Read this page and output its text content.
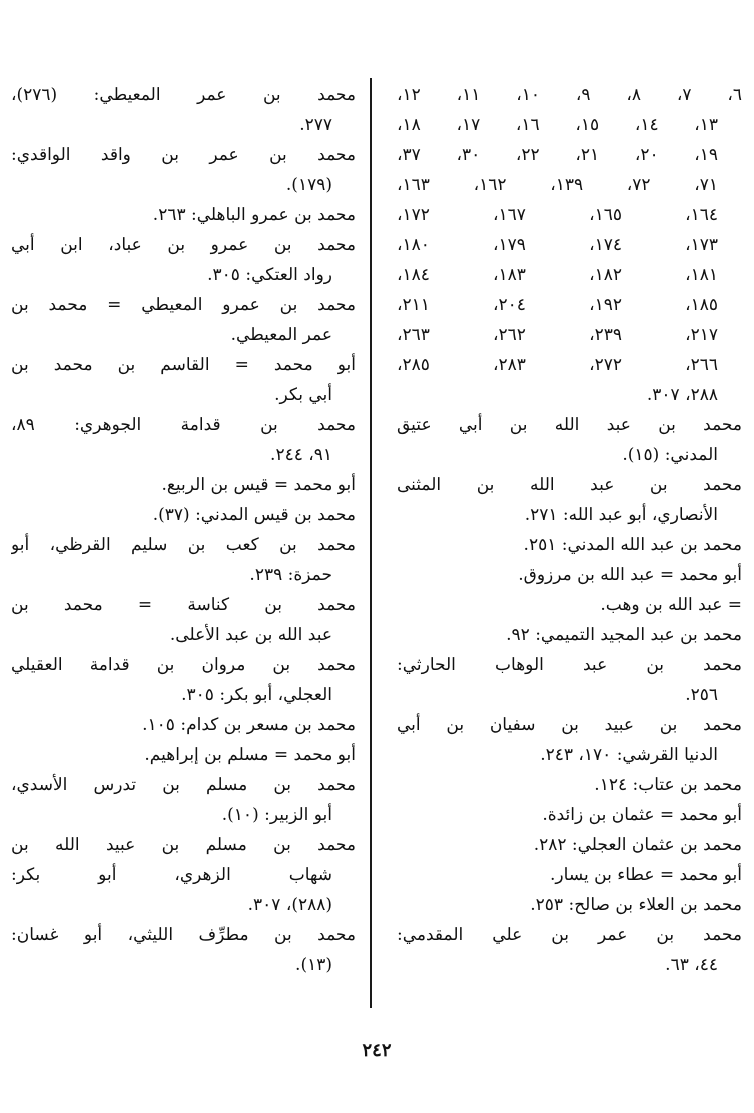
٦، ٧، ٨، ٩، ١٠، ١١، ١٢،
١٣، ١٤، ١٥، ١٦، ١٧، ١٨،
١٩، ٢٠، ٢١، ٢٢، ٣٠، ٣٧،
٧١، ٧٢، ١٣٩، ١٦٢، ١٦٣،
١٦٤، ١٦٥، ١٦٧، ١٧٢،
١٧٣، ١٧٤، ١٧٩، ١٨٠،
١٨١، ١٨٢، ١٨٣، ١٨٤،
١٨٥، ١٩٢، ٢٠٤، ٢١١،
٢١٧، ٢٣٩، ٢٦٢، ٢٦٣،
٢٦٦، ٢٧٢، ٢٨٣، ٢٨٥،
٢٨٨، ٣٠٧.
محمد بن عبد الله بن أبي عتيق
المدني: (١٥).
محمد بن عبد الله بن المثنى
الأنصاري، أبو عبد الله: ٢٧١.
محمد بن عبد الله المدني: ٢٥١.
أبو محمد = عبد الله بن مرزوق.
= عبد الله بن وهب.
محمد بن عبد المجيد التميمي: ٩٢.
محمد بن عبد الوهاب الحارثي:
٢٥٦.
محمد بن عبيد بن سفيان بن أبي
الدنيا القرشي: ١٧٠، ٢٤٣.
محمد بن عتاب: ١٢٤.
أبو محمد = عثمان بن زائدة.
محمد بن عثمان العجلي: ٢٨٢.
أبو محمد = عطاء بن يسار.
محمد بن العلاء بن صالح: ٢٥٣.
محمد بن عمر بن علي المقدمي:
٤٤، ٦٣.
محمد بن عمر المعيطي: (٢٧٦)،
٢٧٧.
محمد بن عمر بن واقد الواقدي:
(١٧٩).
محمد بن عمرو الباهلي: ٢٦٣.
محمد بن عمرو بن عباد، ابن أبي
رواد العتكي: ٣٠٥.
محمد بن عمرو المعيطي = محمد بن
عمر المعيطي.
أبو محمد = القاسم بن محمد بن
أبي بكر.
محمد بن قدامة الجوهري: ٨٩،
٩١، ٢٤٤.
أبو محمد = قيس بن الربيع.
محمد بن قيس المدني: (٣٧).
محمد بن كعب بن سليم القرظي، أبو
حمزة: ٢٣٩.
محمد بن كناسة = محمد بن
عبد الله بن عبد الأعلى.
محمد بن مروان بن قدامة العقيلي
العجلي، أبو بكر: ٣٠٥.
محمد بن مسعر بن كدام: ١٠٥.
أبو محمد = مسلم بن إبراهيم.
محمد بن مسلم بن تدرس الأسدي،
أبو الزبير: (١٠).
محمد بن مسلم بن عبيد الله بن
شهاب الزهري، أبو بكر:
(٢٨٨)، ٣٠٧.
محمد بن مطرِّف الليثي، أبو غسان:
(١٣).
٢٤٢
